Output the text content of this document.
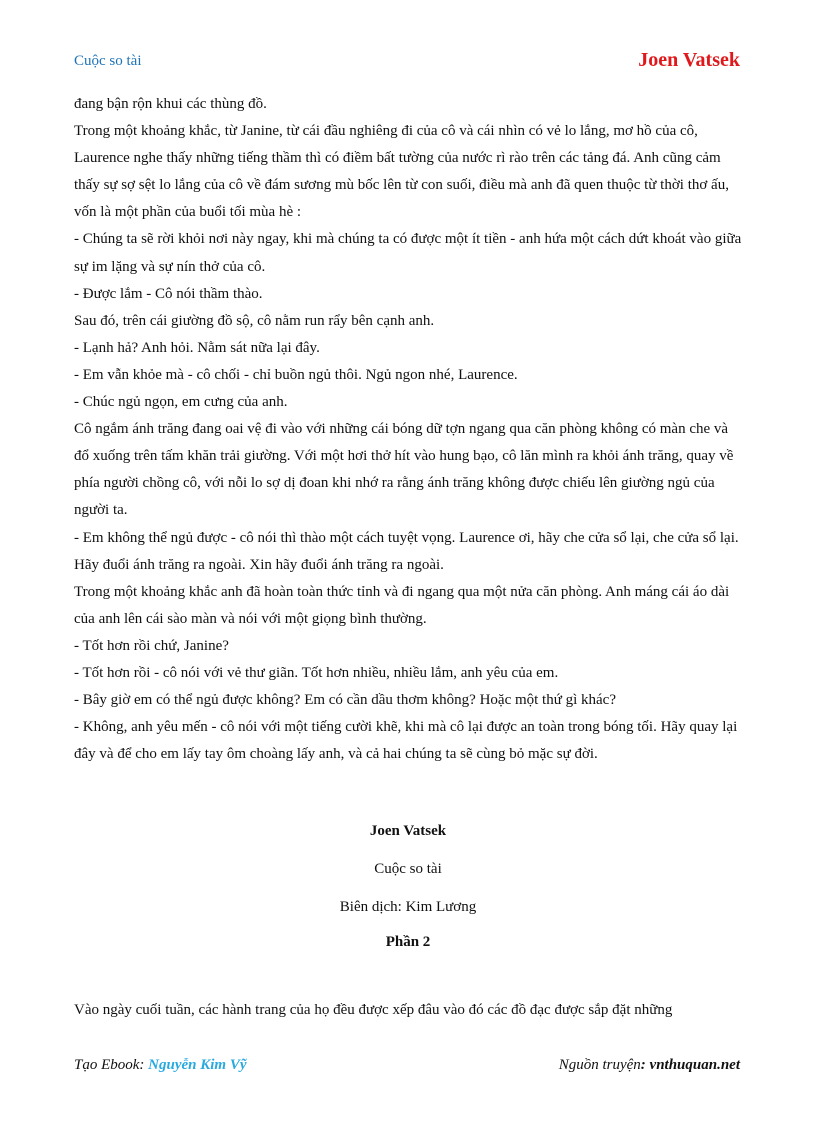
Cuộc so tài	Joen Vatsek

đang bận rộn khui các thùng đồ.

Trong một khoảng khắc, từ Janine, từ cái đầu nghiêng đi của cô và cái nhìn có vẻ lo lắng, mơ hồ của cô, Laurence nghe thấy những tiếng thầm thì có điềm bất tường của nước rì rào trên các tảng đá. Anh cũng cảm thấy sự sợ sệt lo lắng của cô về đám sương mù bốc lên từ con suối, điều mà anh đã quen thuộc từ thời thơ ấu, vốn là một phần của buổi tối mùa hè :

- Chúng ta sẽ rời khỏi nơi này ngay, khi mà chúng ta có được một ít tiền - anh hứa một cách dứt khoát vào giữa sự im lặng và sự nín thở của cô.

- Được lắm - Cô nói thầm thào.

Sau đó, trên cái giường đồ sộ, cô nằm run rẩy bên cạnh anh.

- Lạnh hả? Anh hỏi. Nằm sát nữa lại đây.

- Em vẫn khỏe mà - cô chối - chỉ buồn ngủ thôi. Ngủ ngon nhé, Laurence.

- Chúc ngủ ngọn, em cưng của anh.

Cô ngắm ánh trăng đang oai vệ đi vào với những cái bóng dữ tợn ngang qua căn phòng không có màn che và đổ xuống trên tấm khăn trải giường. Với một hơi thở hít vào hung bạo, cô lăn mình ra khỏi ánh trăng, quay về phía người chồng cô, với nỗi lo sợ dị đoan khi nhớ ra rằng ánh trăng không được chiếu lên giường ngủ của người ta.

- Em không thể ngủ được - cô nói thì thào một cách tuyệt vọng. Laurence ơi, hãy che cửa sổ lại, che cửa sổ lại. Hãy đuổi ánh trăng ra ngoài. Xin hãy đuổi ánh trăng ra ngoài.

Trong một khoảng khắc anh đã hoàn toàn thức tỉnh và đi ngang qua một nửa căn phòng. Anh máng cái áo dài của anh lên cái sào màn và nói với một giọng bình thường.

- Tốt hơn rồi chứ, Janine?

- Tốt hơn rồi - cô nói với vẻ thư giãn. Tốt hơn nhiều, nhiều lắm, anh yêu của em.

- Bây giờ em có thể ngủ được không? Em có cần dầu thơm không? Hoặc một thứ gì khác?

- Không, anh yêu mến - cô nói với một tiếng cười khẽ, khi mà cô lại được an toàn trong bóng tối. Hãy quay lại đây và để cho em lấy tay ôm choàng lấy anh, và cả hai chúng ta sẽ cùng bỏ mặc sự đời.

Joen Vatsek
Cuộc so tài
Biên dịch: Kim Lương
Phần 2

Vào ngày cuối tuần, các hành trang của họ đều được xếp đâu vào đó các đồ đạc được sắp đặt những

Tạo Ebook: Nguyễn Kim Vỹ	Nguồn truyện: vnthuquan.net
